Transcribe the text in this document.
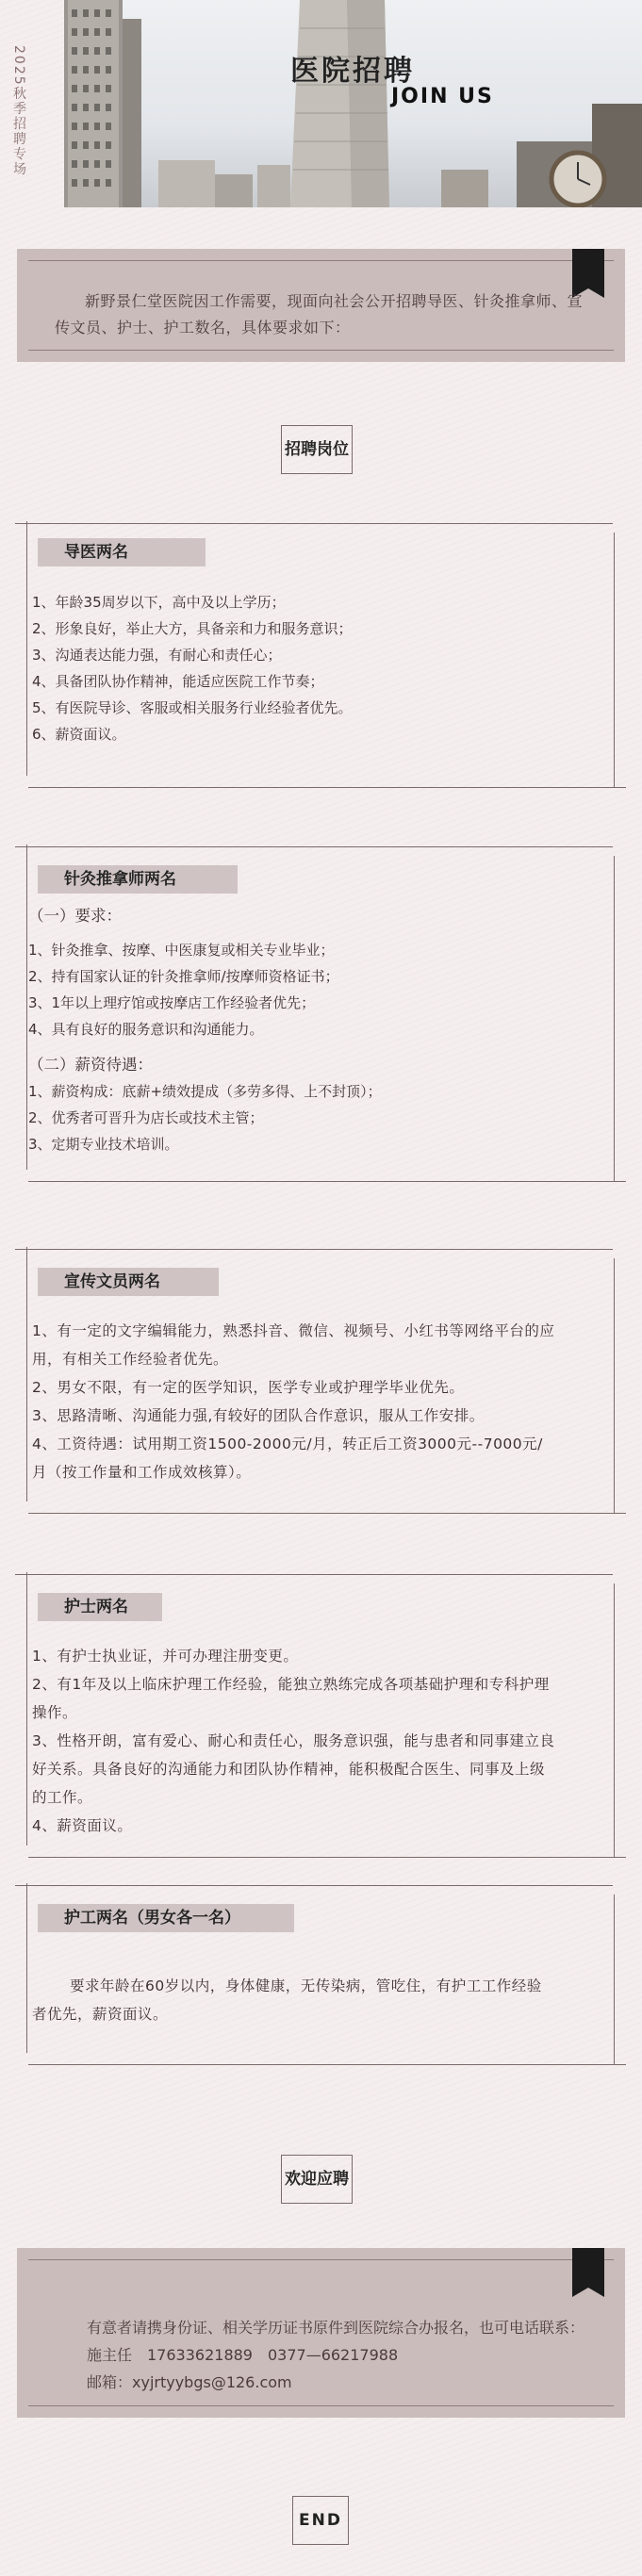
2025秋季招聘专场	医院招聘
JOIN US
新野景仁堂医院因工作需要，现面向社会公开招聘导医、针灸推拿师、宣传文员、护士、护工数名，具体要求如下：
招聘岗位
导医两名
1、年龄35周岁以下，高中及以上学历；
2、形象良好，举止大方，具备亲和力和服务意识；
3、沟通表达能力强，有耐心和责任心；
4、具备团队协作精神，能适应医院工作节奏；
5、有医院导诊、客服或相关服务行业经验者优先。
6、薪资面议。
针灸推拿师两名
（一）要求：
1、针灸推拿、按摩、中医康复或相关专业毕业；
2、持有国家认证的针灸推拿师/按摩师资格证书；
3、1年以上理疗馆或按摩店工作经验者优先；
4、具有良好的服务意识和沟通能力。
（二）薪资待遇：
1、薪资构成：底薪+绩效提成（多劳多得、上不封顶）；
2、优秀者可晋升为店长或技术主管；
3、定期专业技术培训。
宣传文员两名
1、有一定的文字编辑能力，熟悉抖音、微信、视频号、小红书等网络平台的应
用，有相关工作经验者优先。
2、男女不限，有一定的医学知识，医学专业或护理学毕业优先。
3、思路清晰、沟通能力强,有较好的团队合作意识，服从工作安排。
4、工资待遇：试用期工资1500-2000元/月，转正后工资3000元--7000元/
月（按工作量和工作成效核算）。
护士两名
1、有护士执业证，并可办理注册变更。
2、有1年及以上临床护理工作经验，能独立熟练完成各项基础护理和专科护理
操作。
3、性格开朗，富有爱心、耐心和责任心，服务意识强，能与患者和同事建立良
好关系。具备良好的沟通能力和团队协作精神，能积极配合医生、同事及上级
的工作。
4、薪资面议。
护工两名（男女各一名）
要求年龄在60岁以内，身体健康，无传染病，管吃住，有护工工作经验
者优先，薪资面议。
欢迎应聘
有意者请携身份证、相关学历证书原件到医院综合办报名，也可电话联系：
施主任　17633621889　0377—66217988
邮箱：xyjrtyybgs@126.com
END
